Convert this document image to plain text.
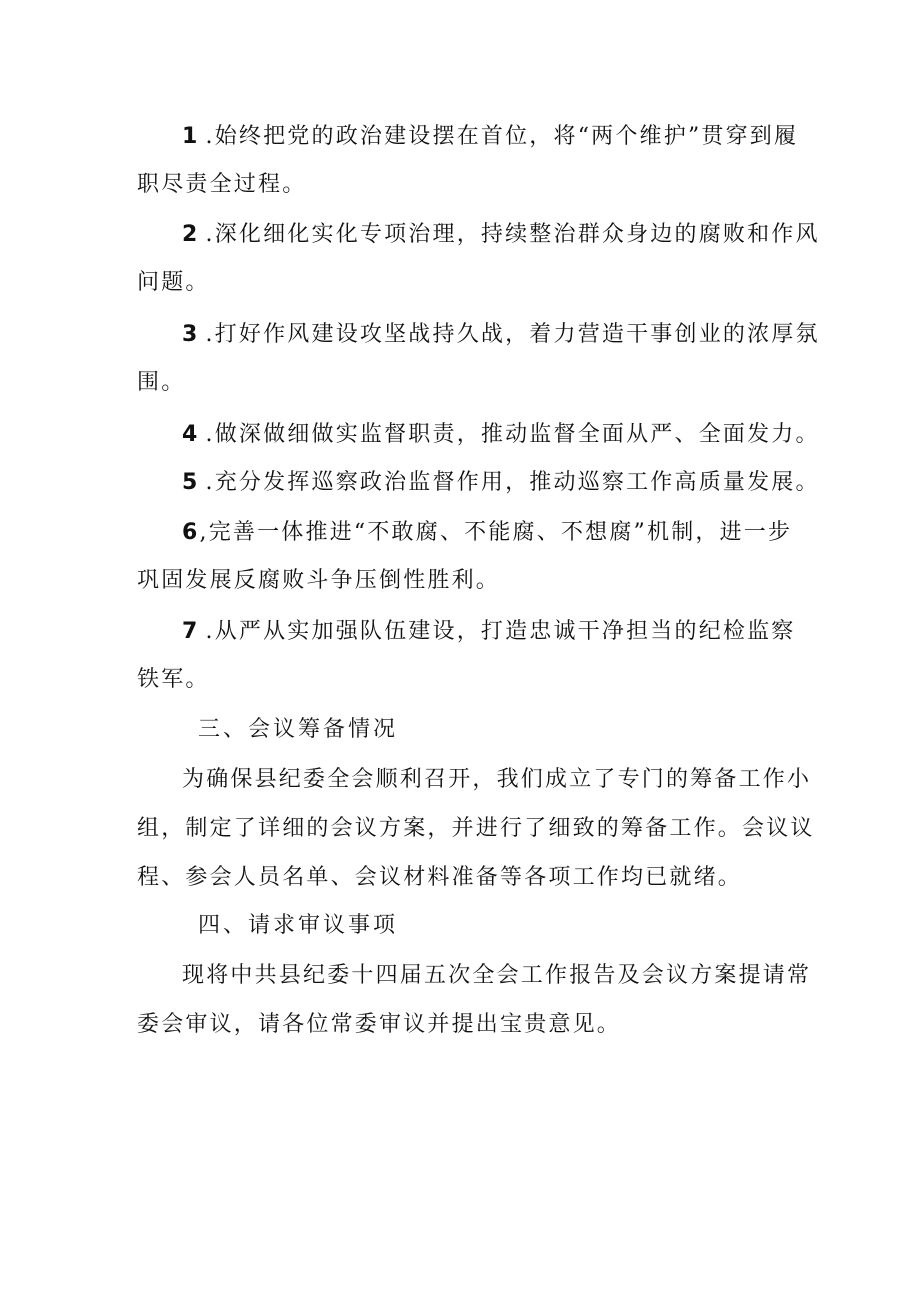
1 .始终把党的政治建设摆在首位，将“两个维护”贯穿到履
职尽责全过程。
2 .深化细化实化专项治理，持续整治群众身边的腐败和作风
问题。
3 .打好作风建设攻坚战持久战，着力营造干事创业的浓厚氛
围。
4 .做深做细做实监督职责，推动监督全面从严、全面发力。
5 .充分发挥巡察政治监督作用，推动巡察工作高质量发展。
6,完善一体推进“不敢腐、不能腐、不想腐”机制，进一步
巩固发展反腐败斗争压倒性胜利。
7 .从严从实加强队伍建设，打造忠诚干净担当的纪检监察
铁军。
三、会议筹备情况
为确保县纪委全会顺利召开，我们成立了专门的筹备工作小
组，制定了详细的会议方案，并进行了细致的筹备工作。会议议
程、参会人员名单、会议材料准备等各项工作均已就绪。
四、请求审议事项
现将中共县纪委十四届五次全会工作报告及会议方案提请常
委会审议，请各位常委审议并提出宝贵意见。
